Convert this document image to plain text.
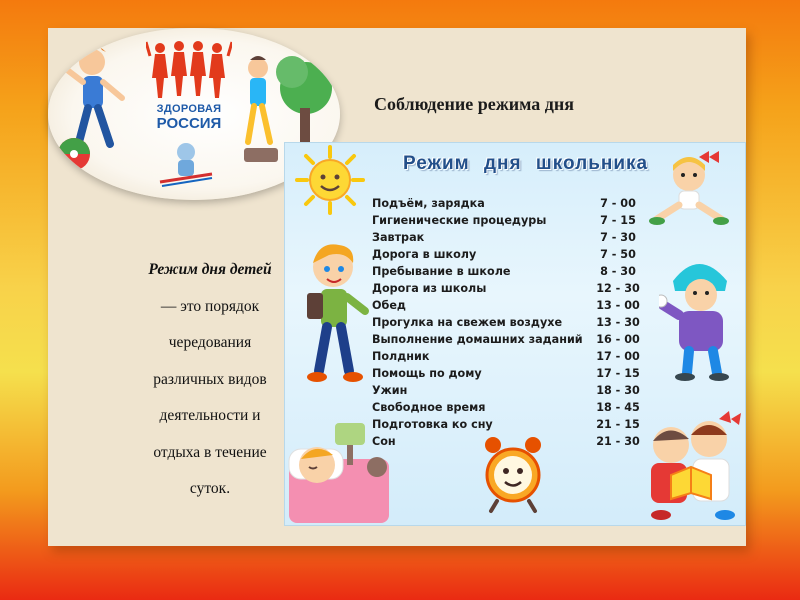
ЗДОРОВАЯ
РОССИЯ
Соблюдение режима дня
Режим дня детей
— это порядок
чередования
различных видов
деятельности и
отдыха в течение
суток.
Режим дня школьника
Подъём, зарядка	7 - 00
Гигиенические процедуры	7 - 15
Завтрак	7 - 30
Дорога в школу	7 - 50
Пребывание в школе	8 - 30
Дорога из школы	12 - 30
Обед	13 - 00
Прогулка на свежем воздухе	13 - 30
Выполнение домашних заданий	16 - 00
Полдник	17 - 00
Помощь по дому	17 - 15
Ужин	18 - 30
Свободное время	18 - 45
Подготовка ко сну	21 - 15
Сон	21 - 30
